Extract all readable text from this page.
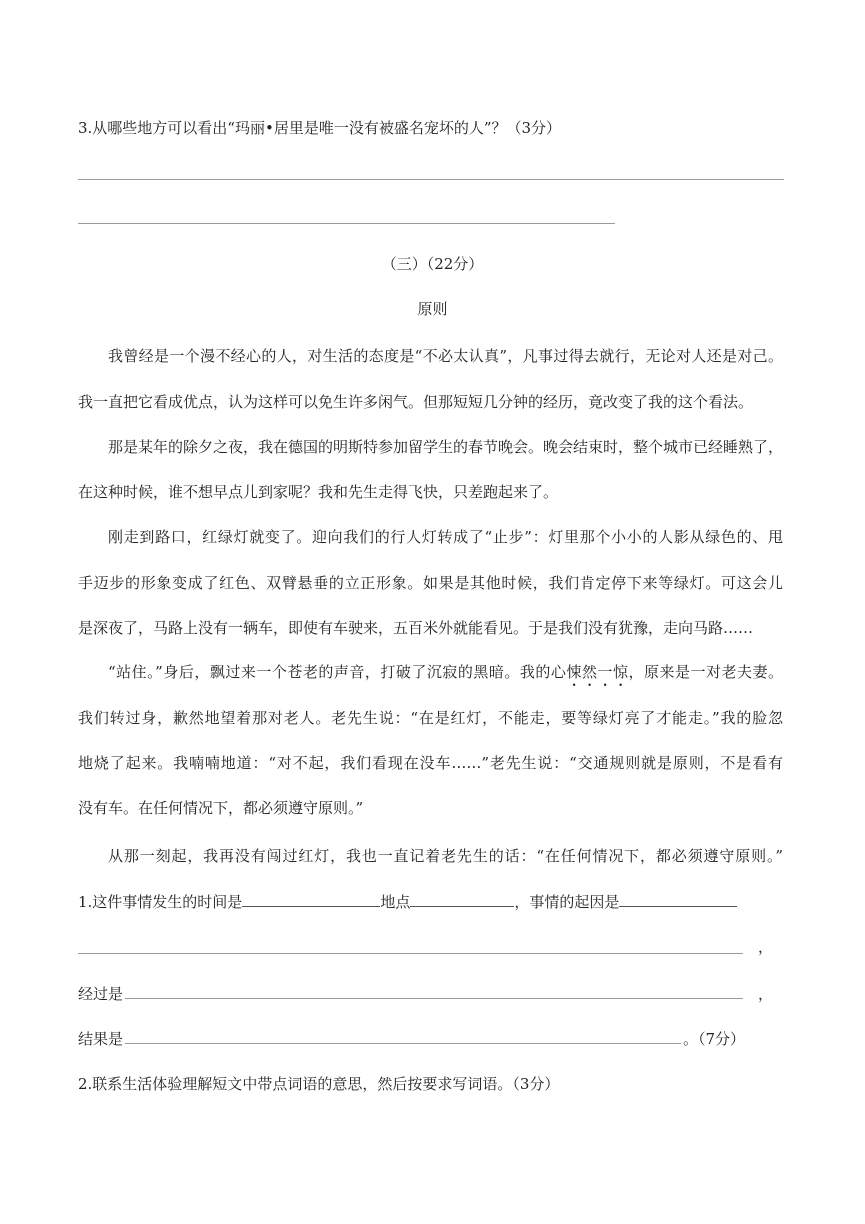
3.从哪些地方可以看出“玛丽•居里是唯一没有被盛名宠坏的人”？（3分）
（三）（22分）
原则
我曾经是一个漫不经心的人，对生活的态度是“不必太认真”，凡事过得去就行，无论对人还是对己。
我一直把它看成优点，认为这样可以免生许多闲气。但那短短几分钟的经历，竟改变了我的这个看法。
那是某年的除夕之夜，我在德国的明斯特参加留学生的春节晚会。晚会结束时，整个城市已经睡熟了，
在这种时候，谁不想早点儿到家呢？我和先生走得飞快，只差跑起来了。
刚走到路口，红绿灯就变了。迎向我们的行人灯转成了“止步”：灯里那个小小的人影从绿色的、甩
手迈步的形象变成了红色、双臂悬垂的立正形象。如果是其他时候，我们肯定停下来等绿灯。可这会儿
是深夜了，马路上没有一辆车，即使有车驶来，五百米外就能看见。于是我们没有犹豫，走向马路……
“站住。”身后，飘过来一个苍老的声音，打破了沉寂的黑暗。我的心悚然一惊，原来是一对老夫妻。
我们转过身，歉然地望着那对老人。老先生说：“在是红灯，不能走，要等绿灯亮了才能走。”我的脸忽
地烧了起来。我喃喃地道：“对不起，我们看现在没车……”老先生说：“交通规则就是原则，不是看有
没有车。在任何情况下，都必须遵守原则。”
从那一刻起，我再没有闯过红灯，我也一直记着老先生的话：“在任何情况下，都必须遵守原则。”
1.这件事情发生的时间是	地点	，事情的起因是
，
经过是	，
结果是	。（7分）
2.联系生活体验理解短文中带点词语的意思，然后按要求写词语。（3分）
